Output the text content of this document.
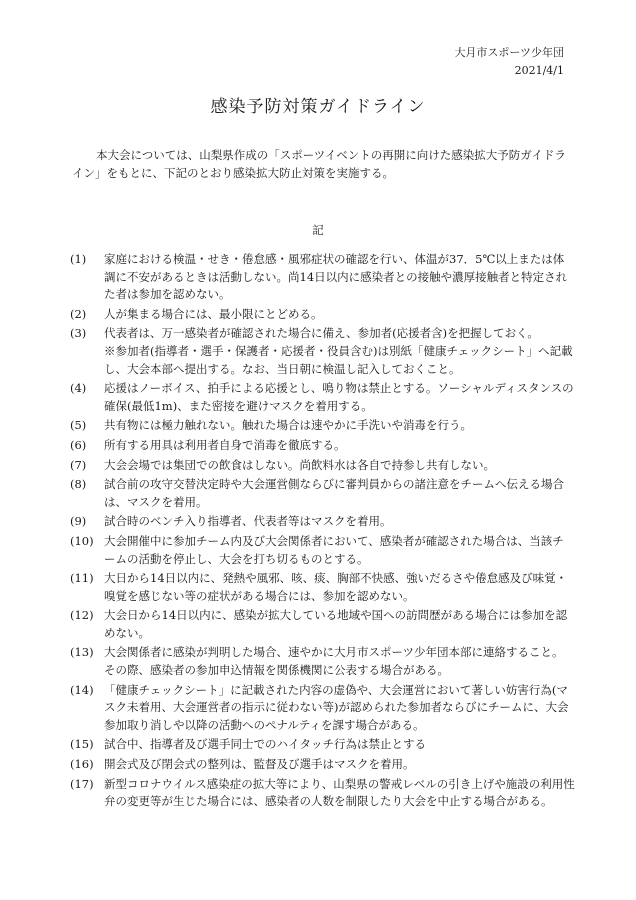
大月市スポーツ少年団
2021/4/1
感染予防対策ガイドライン
本大会については、山梨県作成の「スポーツイベントの再開に向けた感染拡大予防ガイドライン」をもとに、下記のとおり感染拡大防止対策を実施する。
記
(1)	家庭における検温・せき・倦怠感・風邪症状の確認を行い、体温が37．5℃以上または体調に不安があるときは活動しない。尚14日以内に感染者との接触や濃厚接触者と特定された者は参加を認めない。
(2)	人が集まる場合には、最小限にとどめる。
(3)	代表者は、万一感染者が確認された場合に備え、参加者(応援者含)を把握しておく。
※参加者(指導者・選手・保護者・応援者・役員含む)は別紙「健康チェックシート」へ記載し、大会本部へ提出する。なお、当日朝に検温し記入しておくこと。
(4)	応援はノーボイス、拍手による応援とし、鳴り物は禁止とする。ソーシャルディスタンスの確保(最低1m)、また密接を避けマスクを着用する。
(5)	共有物には極力触れない。触れた場合は速やかに手洗いや消毒を行う。
(6)	所有する用具は利用者自身で消毒を徹底する。
(7)	大会会場では集団での飲食はしない。尚飲料水は各自で持参し共有しない。
(8)	試合前の攻守交替決定時や大会運営側ならびに審判員からの諸注意をチームへ伝える場合は、マスクを着用。
(9)	試合時のベンチ入り指導者、代表者等はマスクを着用。
(10) 大会開催中に参加チーム内及び大会関係者において、感染者が確認された場合は、当該チームの活動を停止し、大会を打ち切るものとする。
(11) 大日から14日以内に、発熱や風邪、咳、痰、胸部不快感、強いだるさや倦怠感及び味覚・嗅覚を感じない等の症状がある場合には、参加を認めない。
(12) 大会日から14日以内に、感染が拡大している地域や国への訪問歴がある場合には参加を認めない。
(13) 大会関係者に感染が判明した場合、速やかに大月市スポーツ少年団本部に連絡すること。その際、感染者の参加申込情報を関係機関に公表する場合がある。
(14) 「健康チェックシート」に記載された内容の虚偽や、大会運営において著しい妨害行為(マスク未着用、大会運営者の指示に従わない等)が認められた参加者ならびにチームに、大会参加取り消しや以降の活動へのペナルティを課す場合がある。
(15) 試合中、指導者及び選手同士でのハイタッチ行為は禁止とする
(16) 開会式及び閉会式の整列は、監督及び選手はマスクを着用。
(17) 新型コロナウイルス感染症の拡大等により、山梨県の警戒レベルの引き上げや施設の利用性弁の変更等が生じた場合には、感染者の人数を制限したり大会を中止する場合がある。
